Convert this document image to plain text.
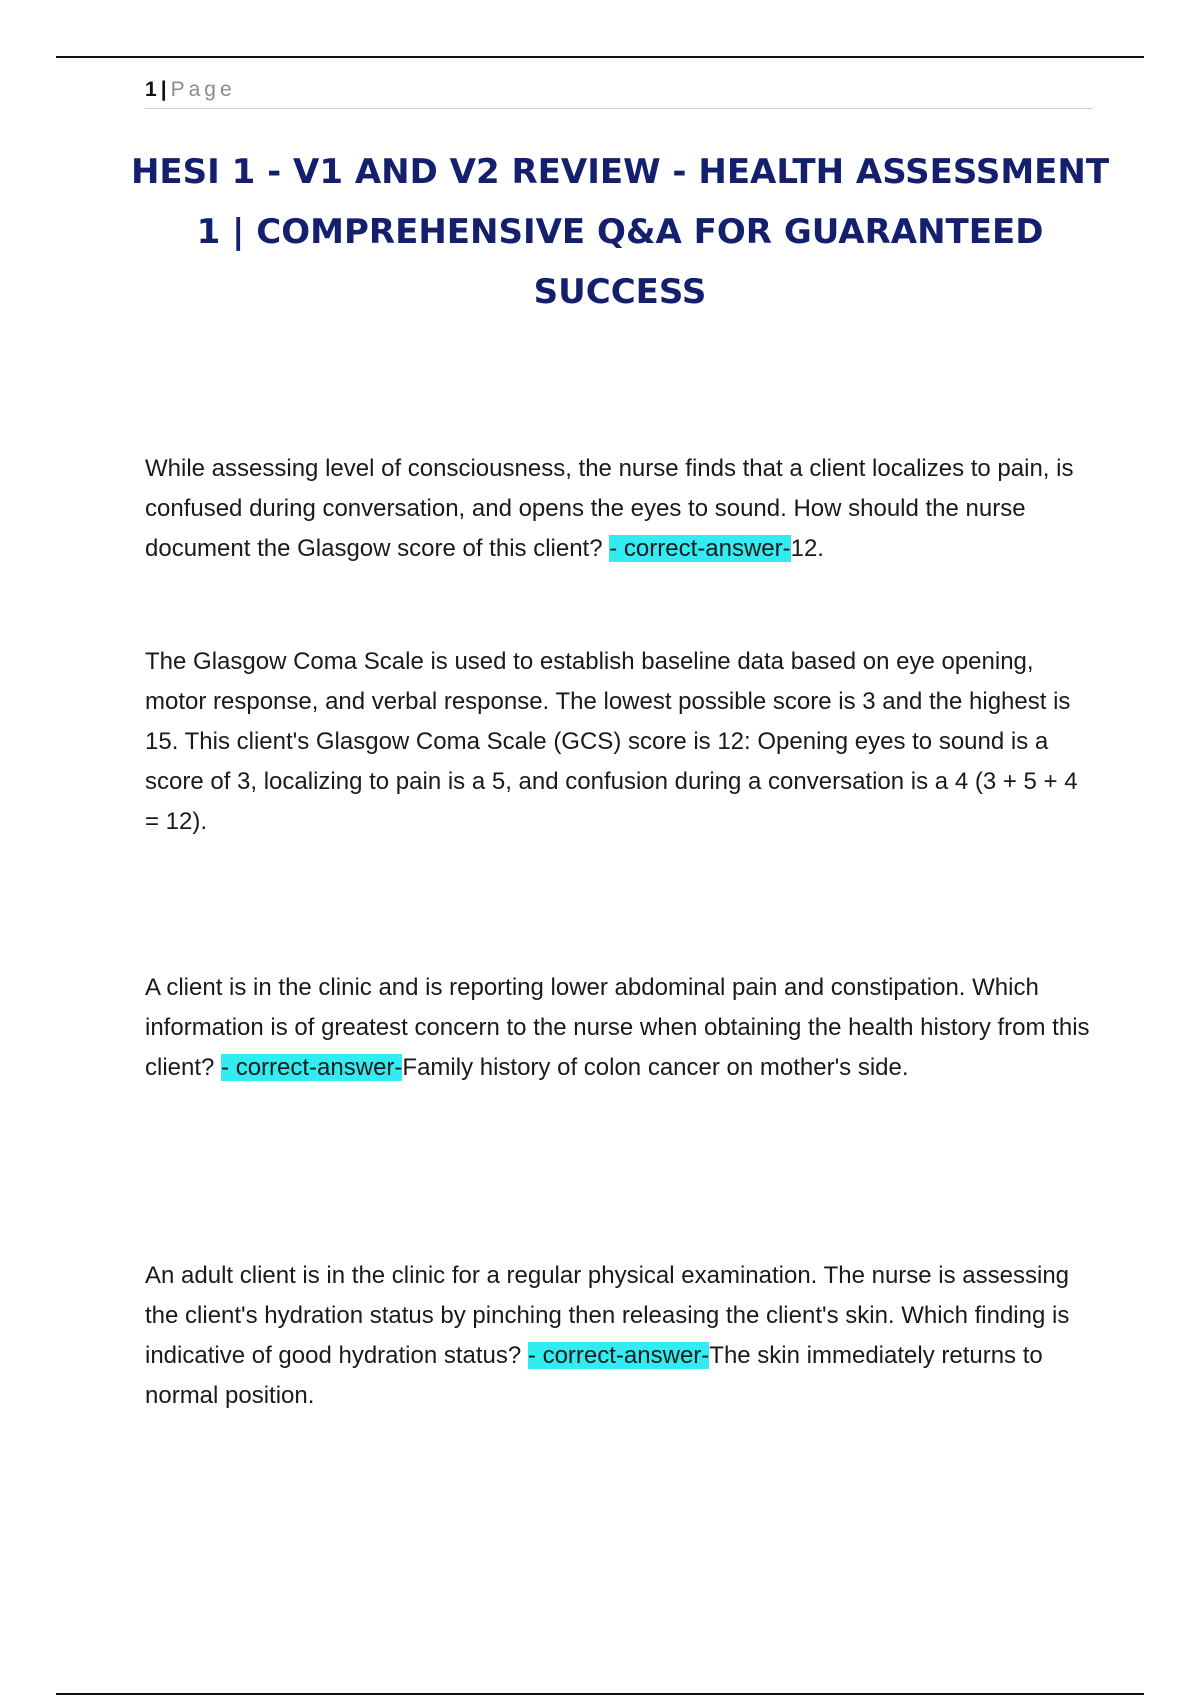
1 | Page
HESI 1 - V1 AND V2 REVIEW - HEALTH ASSESSMENT 1 | COMPREHENSIVE Q&A FOR GUARANTEED SUCCESS

While assessing level of consciousness, the nurse finds that a client localizes to pain, is confused during conversation, and opens the eyes to sound. How should the nurse document the Glasgow score of this client? - correct-answer-12.

The Glasgow Coma Scale is used to establish baseline data based on eye opening, motor response, and verbal response. The lowest possible score is 3 and the highest is 15. This client's Glasgow Coma Scale (GCS) score is 12: Opening eyes to sound is a score of 3, localizing to pain is a 5, and confusion during a conversation is a 4 (3 + 5 + 4 = 12).

A client is in the clinic and is reporting lower abdominal pain and constipation. Which information is of greatest concern to the nurse when obtaining the health history from this client? - correct-answer-Family history of colon cancer on mother's side.

An adult client is in the clinic for a regular physical examination. The nurse is assessing the client's hydration status by pinching then releasing the client's skin. Which finding is indicative of good hydration status? - correct-answer-The skin immediately returns to normal position.
